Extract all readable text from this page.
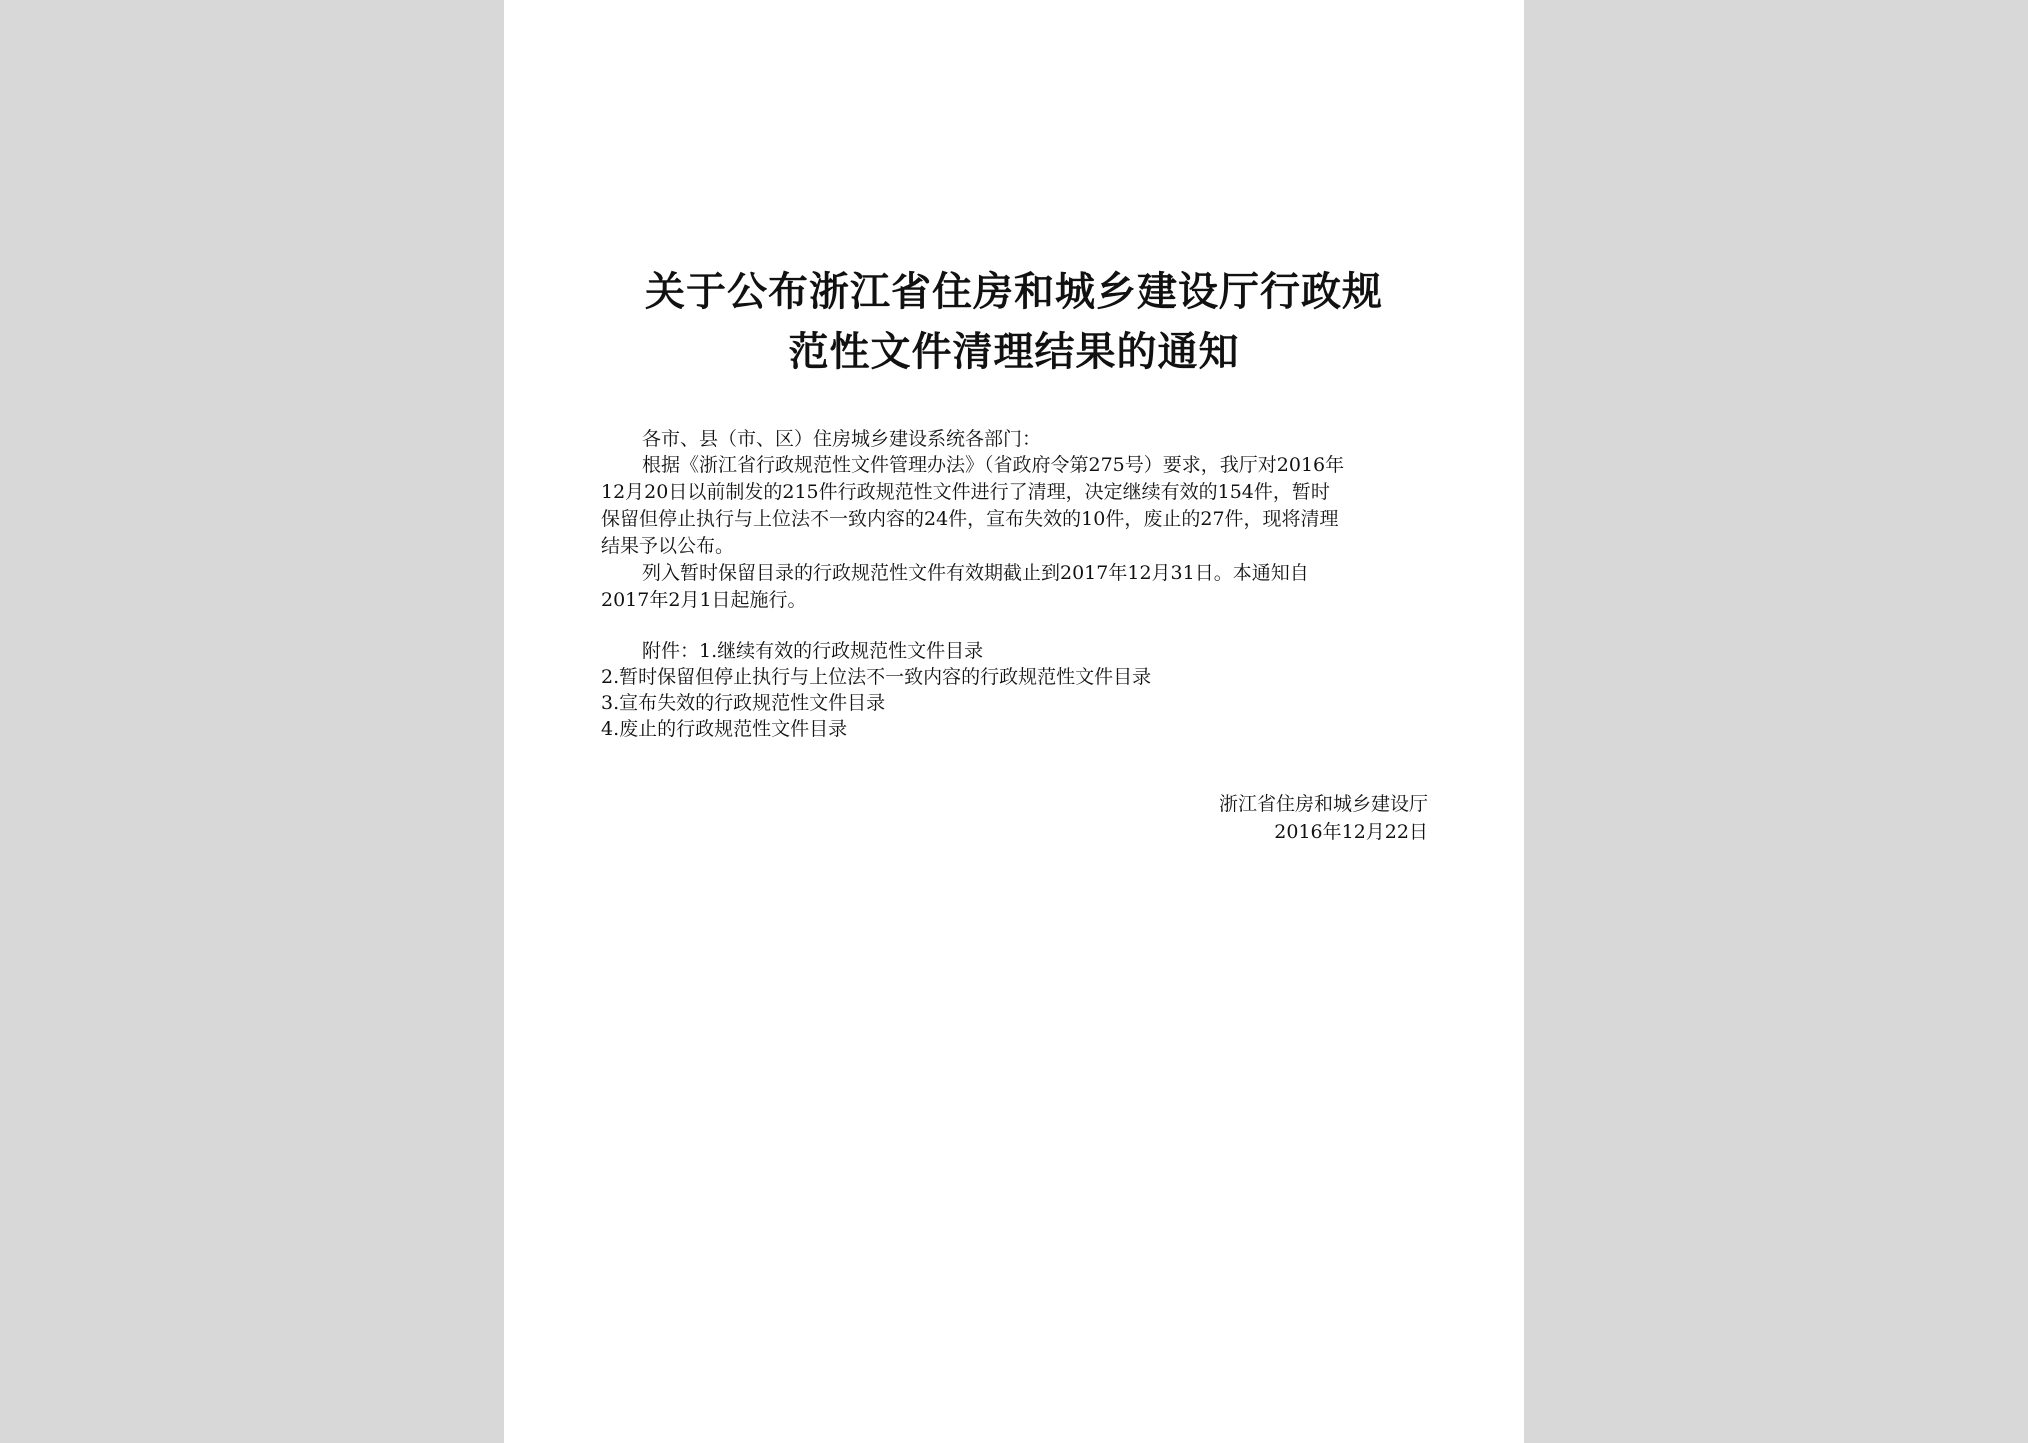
关于公布浙江省住房和城乡建设厅行政规
范性文件清理结果的通知
各市、县（市、区）住房城乡建设系统各部门：
根据《浙江省行政规范性文件管理办法》（省政府令第275号）要求，我厅对2016年
12月20日以前制发的215件行政规范性文件进行了清理，决定继续有效的154件，暂时
保留但停止执行与上位法不一致内容的24件，宣布失效的10件，废止的27件，现将清理
结果予以公布。
列入暂时保留目录的行政规范性文件有效期截止到2017年12月31日。本通知自
2017年2月1日起施行。
附件：1.继续有效的行政规范性文件目录
2.暂时保留但停止执行与上位法不一致内容的行政规范性文件目录
3.宣布失效的行政规范性文件目录
4.废止的行政规范性文件目录
浙江省住房和城乡建设厅
2016年12月22日
